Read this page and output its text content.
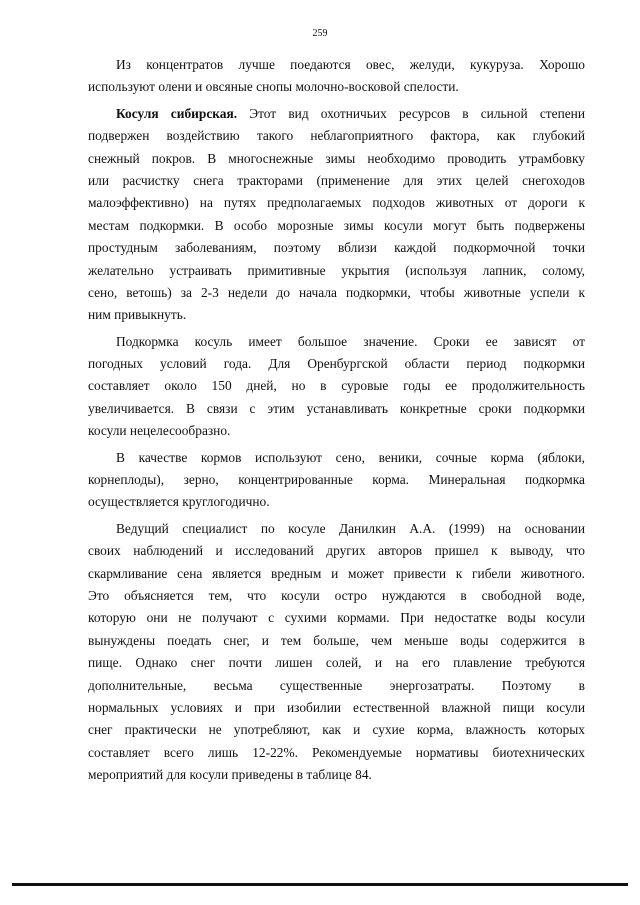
259
Из концентратов лучше поедаются овес, желуди, кукуруза. Хорошо
используют олени и овсяные снопы молочно-восковой спелости.
Косуля сибирская. Этот вид охотничьих ресурсов в сильной степени
подвержен воздействию такого неблагоприятного фактора, как глубокий
снежный покров. В многоснежные зимы необходимо проводить утрамбовку
или расчистку снега тракторами (применение для этих целей снегоходов
малоэффективно) на путях предполагаемых подходов животных от дороги к
местам подкормки. В особо морозные зимы косули могут быть подвержены
простудным заболеваниям, поэтому вблизи каждой подкормочной точки
желательно устраивать примитивные укрытия (используя лапник, солому,
сено, ветошь) за 2-3 недели до начала подкормки, чтобы животные успели к
ним привыкнуть.
Подкормка косуль имеет большое значение. Сроки ее зависят от
погодных условий года. Для Оренбургской области период подкормки
составляет около 150 дней, но в суровые годы ее продолжительность
увеличивается. В связи с этим устанавливать конкретные сроки подкормки
косули нецелесообразно.
В качестве кормов используют сено, веники, сочные корма (яблоки,
корнеплоды), зерно, концентрированные корма. Минеральная подкормка
осуществляется круглогодично.
Ведущий специалист по косуле Данилкин А.А. (1999) на основании
своих наблюдений и исследований других авторов пришел к выводу, что
скармливание сена является вредным и может привести к гибели животного.
Это объясняется тем, что косули остро нуждаются в свободной воде,
которую они не получают с сухими кормами. При недостатке воды косули
вынуждены поедать снег, и тем больше, чем меньше воды содержится в
пище. Однако снег почти лишен солей, и на его плавление требуются
дополнительные, весьма существенные энергозатраты. Поэтому в
нормальных условиях и при изобилии естественной влажной пищи косули
снег практически не употребляют, как и сухие корма, влажность которых
составляет всего лишь 12-22%. Рекомендуемые нормативы биотехнических
мероприятий для косули приведены в таблице 84.
